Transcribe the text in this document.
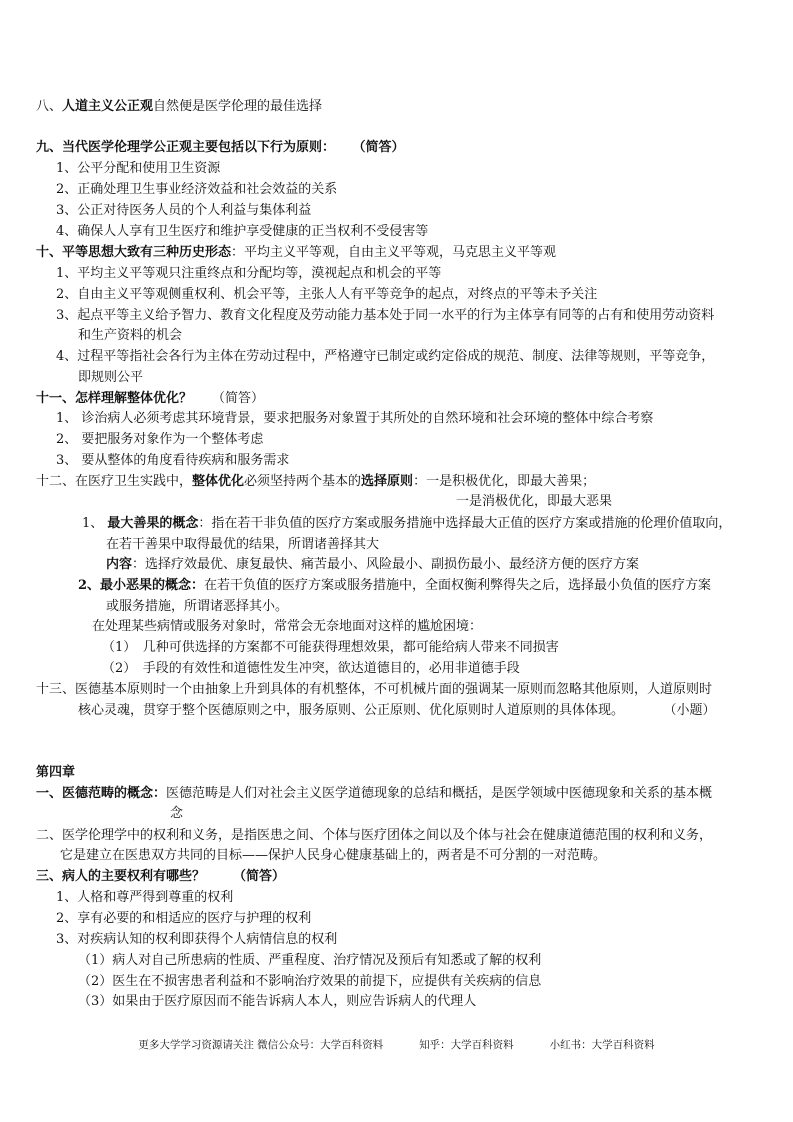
八、人道主义公正观自然便是医学伦理的最佳选择
九、当代医学伦理学公正观主要包括以下行为原则： （简答）
1、公平分配和使用卫生资源
2、正确处理卫生事业经济效益和社会效益的关系
3、公正对待医务人员的个人利益与集体利益
4、确保人人享有卫生医疗和维护享受健康的正当权利不受侵害等
十、平等思想大致有三种历史形态：平均主义平等观，自由主义平等观，马克思主义平等观
1、平均主义平等观只注重终点和分配均等，漠视起点和机会的平等
2、自由主义平等观侧重权利、机会平等，主张人人有平等竞争的起点，对终点的平等未予关注
3、起点平等主义给予智力、教育文化程度及劳动能力基本处于同一水平的行为主体享有同等的占有和使用劳动资料
和生产资料的机会
4、过程平等指社会各行为主体在劳动过程中，严格遵守已制定或约定俗成的规范、制度、法律等规则，平等竞争，
即规则公平
十一、怎样理解整体优化？ （简答）
1、 诊治病人必须考虑其环境背景，要求把服务对象置于其所处的自然环境和社会环境的整体中综合考察
2、 要把服务对象作为一个整体考虑
3、 要从整体的角度看待疾病和服务需求
十二、在医疗卫生实践中，整体优化必须坚持两个基本的选择原则：一是积极优化，即最大善果；
一是消极优化，即最大恶果
1、 最大善果的概念：指在若干非负值的医疗方案或服务措施中选择最大正值的医疗方案或措施的伦理价值取向，
在若干善果中取得最优的结果，所谓诸善择其大
内容：选择疗效最优、康复最快、痛苦最小、风险最小、副损伤最小、最经济方便的医疗方案
2、最小恶果的概念：在若干负值的医疗方案或服务措施中，全面权衡利弊得失之后，选择最小负值的医疗方案
或服务措施，所谓诸恶择其小。
在处理某些病情或服务对象时，常常会无奈地面对这样的尴尬困境：
（1）　几种可供选择的方案都不可能获得理想效果，都可能给病人带来不同损害
（2）　手段的有效性和道德性发生冲突，欲达道德目的，必用非道德手段
十三、医德基本原则时一个由抽象上升到具体的有机整体，不可机械片面的强调某一原则而忽略其他原则，人道原则时
核心灵魂，贯穿于整个医德原则之中，服务原则、公正原则、优化原则时人道原则的具体体现。	（小题）
第四章
一、医德范畴的概念：医德范畴是人们对社会主义医学道德现象的总结和概括，是医学领域中医德现象和关系的基本概
念
二、医学伦理学中的权利和义务，是指医患之间、个体与医疗团体之间以及个体与社会在健康道德范围的权利和义务，
它是建立在医患双方共同的目标——保护人民身心健康基础上的，两者是不可分割的一对范畴。
三、病人的主要权利有哪些？ （简答）
1、人格和尊严得到尊重的权利
2、享有必要的和相适应的医疗与护理的权利
3、对疾病认知的权利即获得个人病情信息的权利
（1）病人对自己所患病的性质、严重程度、治疗情况及预后有知悉或了解的权利
（2）医生在不损害患者利益和不影响治疗效果的前提下，应提供有关疾病的信息
（3）如果由于医疗原因而不能告诉病人本人，则应告诉病人的代理人
更多大学学习资源请关注 微信公众号：大学百科资料	知乎：大学百科资料	小红书：大学百科资料
